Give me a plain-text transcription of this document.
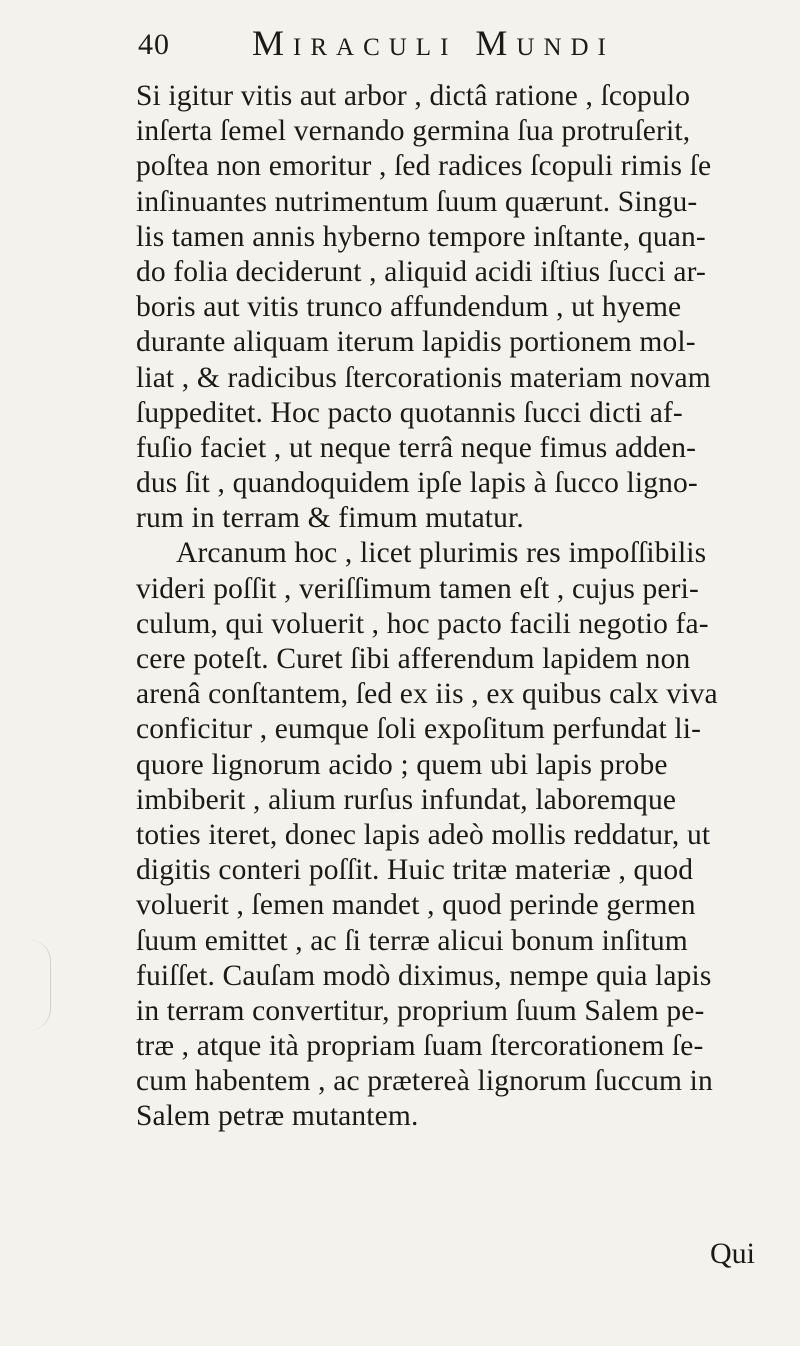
40 Miraculi Mundi
Si igitur vitis aut arbor , dictâ ratione , ſcopulo
inſerta ſemel vernando germina ſua protruſerit,
poſtea non emoritur , ſed radices ſcopuli rimis ſe
inſinuantes nutrimentum ſuum quærunt. Singu-
lis tamen annis hyberno tempore inſtante, quan-
do folia deciderunt , aliquid acidi iſtius ſucci ar-
boris aut vitis trunco affundendum , ut hyeme
durante aliquam iterum lapidis portionem mol-
liat , & radicibus ſtercorationis materiam novam
ſuppeditet. Hoc pacto quotannis ſucci dicti af-
fuſio faciet , ut neque terrâ neque fimus adden-
dus ſit , quandoquidem ipſe lapis à ſucco ligno-
rum in terram & fimum mutatur.
Arcanum hoc , licet plurimis res impoſſibilis
videri poſſit , veriſſimum tamen eſt , cujus peri-
culum, qui voluerit , hoc pacto facili negotio fa-
cere poteſt. Curet ſibi afferendum lapidem non
arenâ conſtantem, ſed ex iis , ex quibus calx viva
conficitur , eumque ſoli expoſitum perfundat li-
quore lignorum acido ; quem ubi lapis probe
imbiberit , alium rurſus infundat, laboremque
toties iteret, donec lapis adeò mollis reddatur, ut
digitis conteri poſſit. Huic tritæ materiæ , quod
voluerit , ſemen mandet , quod perinde germen
ſuum emittet , ac ſi terræ alicui bonum inſitum
fuiſſet. Cauſam modò diximus, nempe quia lapis
in terram convertitur, proprium ſuum Salem pe-
træ , atque ità propriam ſuam ſtercorationem ſe-
cum habentem , ac prætereà lignorum ſuccum in
Salem petræ mutantem.
Qui
